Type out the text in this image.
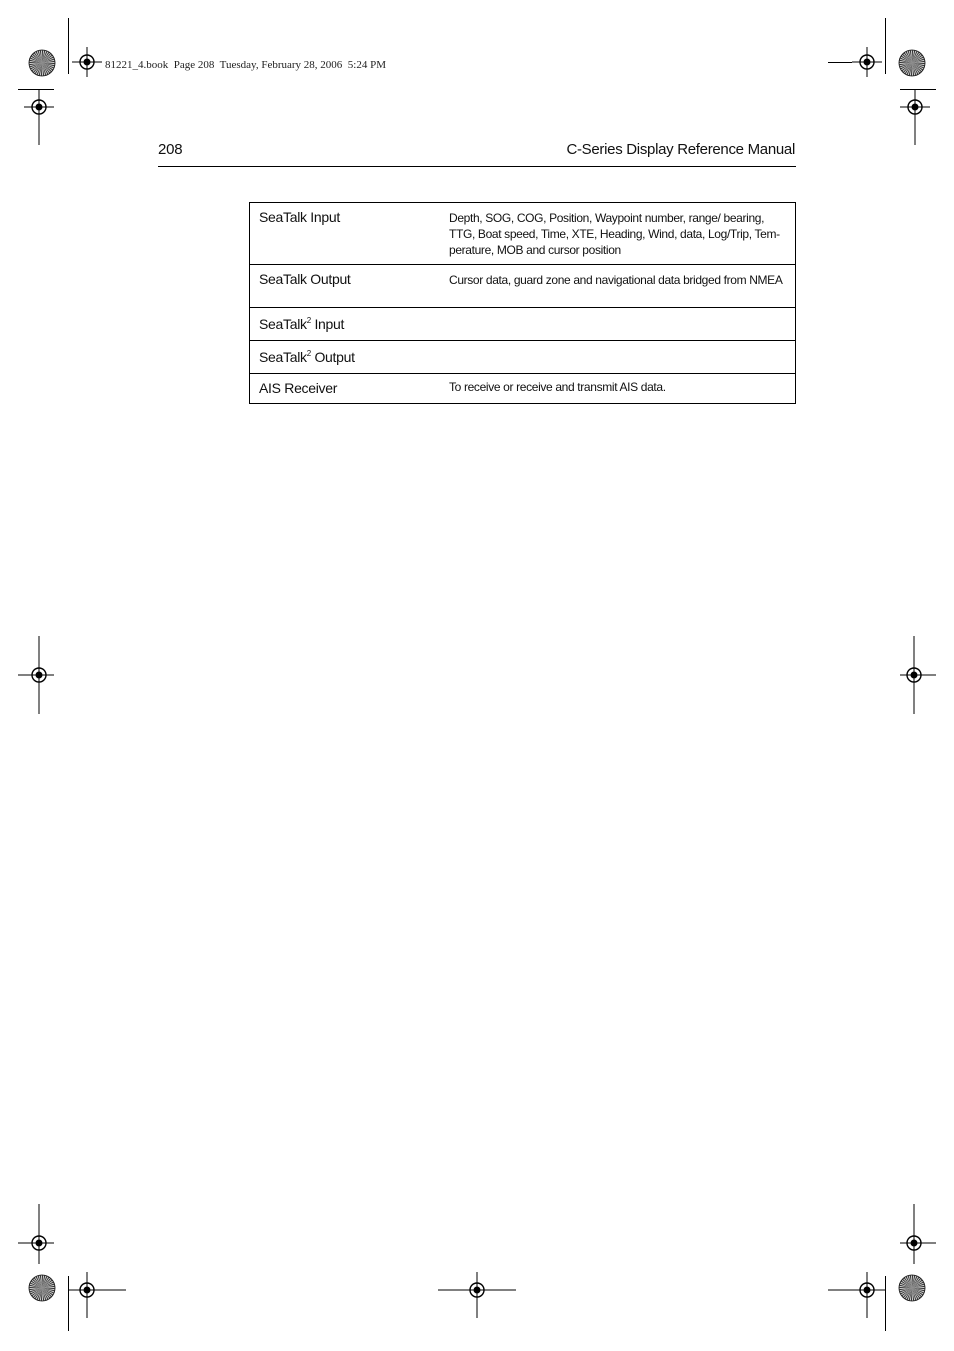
81221_4.book  Page 208  Tuesday, February 28, 2006  5:24 PM
208	C-Series Display Reference Manual
SeaTalk Input	Depth, SOG, COG, Position, Waypoint number, range/ bearing, TTG, Boat speed, Time, XTE, Heading, Wind, data, Log/Trip, Tem-perature, MOB and cursor position
SeaTalk Output	Cursor data, guard zone and navigational data bridged from NMEA
SeaTalk$^2$ Input	
SeaTalk$^2$ Output	
AIS Receiver	To receive or receive and transmit AIS data.
